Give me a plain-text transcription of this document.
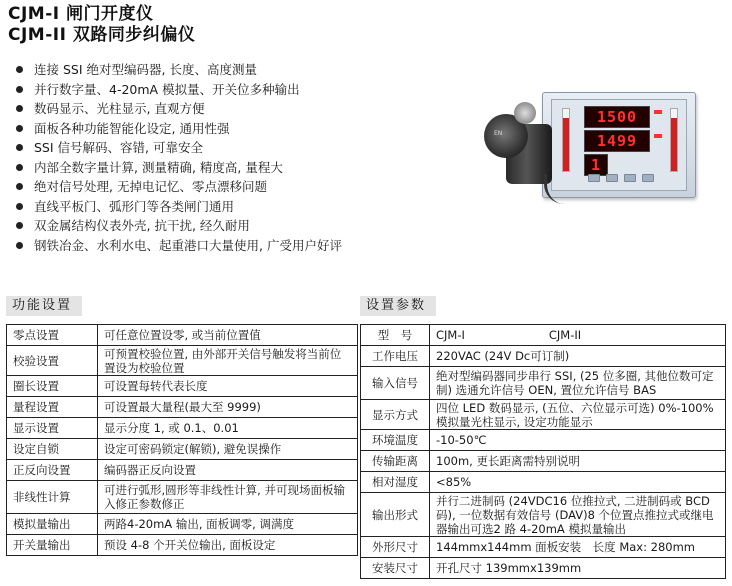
CJM-I 闸门开度仪
CJM-II 双路同步纠偏仪
连接 SSI 绝对型编码器, 长度、高度测量
并行数字量、4-20mA 模拟量、开关位多种输出
数码显示、光柱显示, 直观方便
面板各种功能智能化设定, 通用性强
SSI 信号解码、容错, 可靠安全
内部全数字量计算, 测量精确, 精度高, 量程大
绝对信号处理, 无掉电记忆、零点漂移问题
直线平板门、弧形门等各类闸门通用
双金属结构仪表外壳, 抗干扰, 经久耐用
钢铁冶金、水利水电、起重港口大量使用, 广受用户好评
1500
1499
1
EN
功能设置	设置参数
零点设置	可任意位置设零, 或当前位置值
校验设置	可预置校验位置, 由外部开关信号触发将当前位置设为校验位置
圈长设置	可设置每转代表长度
量程设置	可设置最大量程(最大至 9999)
显示设置	显示分度 1, 或 0.1、0.01
设定自锁	设定可密码锁定(解锁), 避免误操作
正反向设置	编码器正反向设置
非线性计算	可进行弧形,圆形等非线性计算, 并可现场面板输入修正参数修正
模拟量输出	两路4-20mA 输出, 面板调零, 调满度
开关量输出	预设 4-8 个开关位输出, 面板设定
型　号	CJM-I CJM-II
工作电压	220VAC (24V Dc可订制)
输入信号	绝对型编码器同步串行 SSI, (25 位多圈, 其他位数可定制) 选通允许信号 OEN, 置位允许信号 BAS
显示方式	四位 LED 数码显示, (五位、六位显示可选) 0%-100%模拟量光柱显示, 设定功能显示
环境温度	-10-50℃
传输距离	100m, 更长距离需特别说明
相对湿度	<85%
输出形式	并行二进制码 (24VDC16 位推拉式, 二进制码或 BCD 码), 一位数据有效信号 (DAV)8 个位置点推拉式或继电器输出可选2 路 4-20mA 模拟量输出
外形尺寸	144mmx144mm 面板安装　长度 Max: 280mm
安装尺寸	开孔尺寸 139mmx139mm
